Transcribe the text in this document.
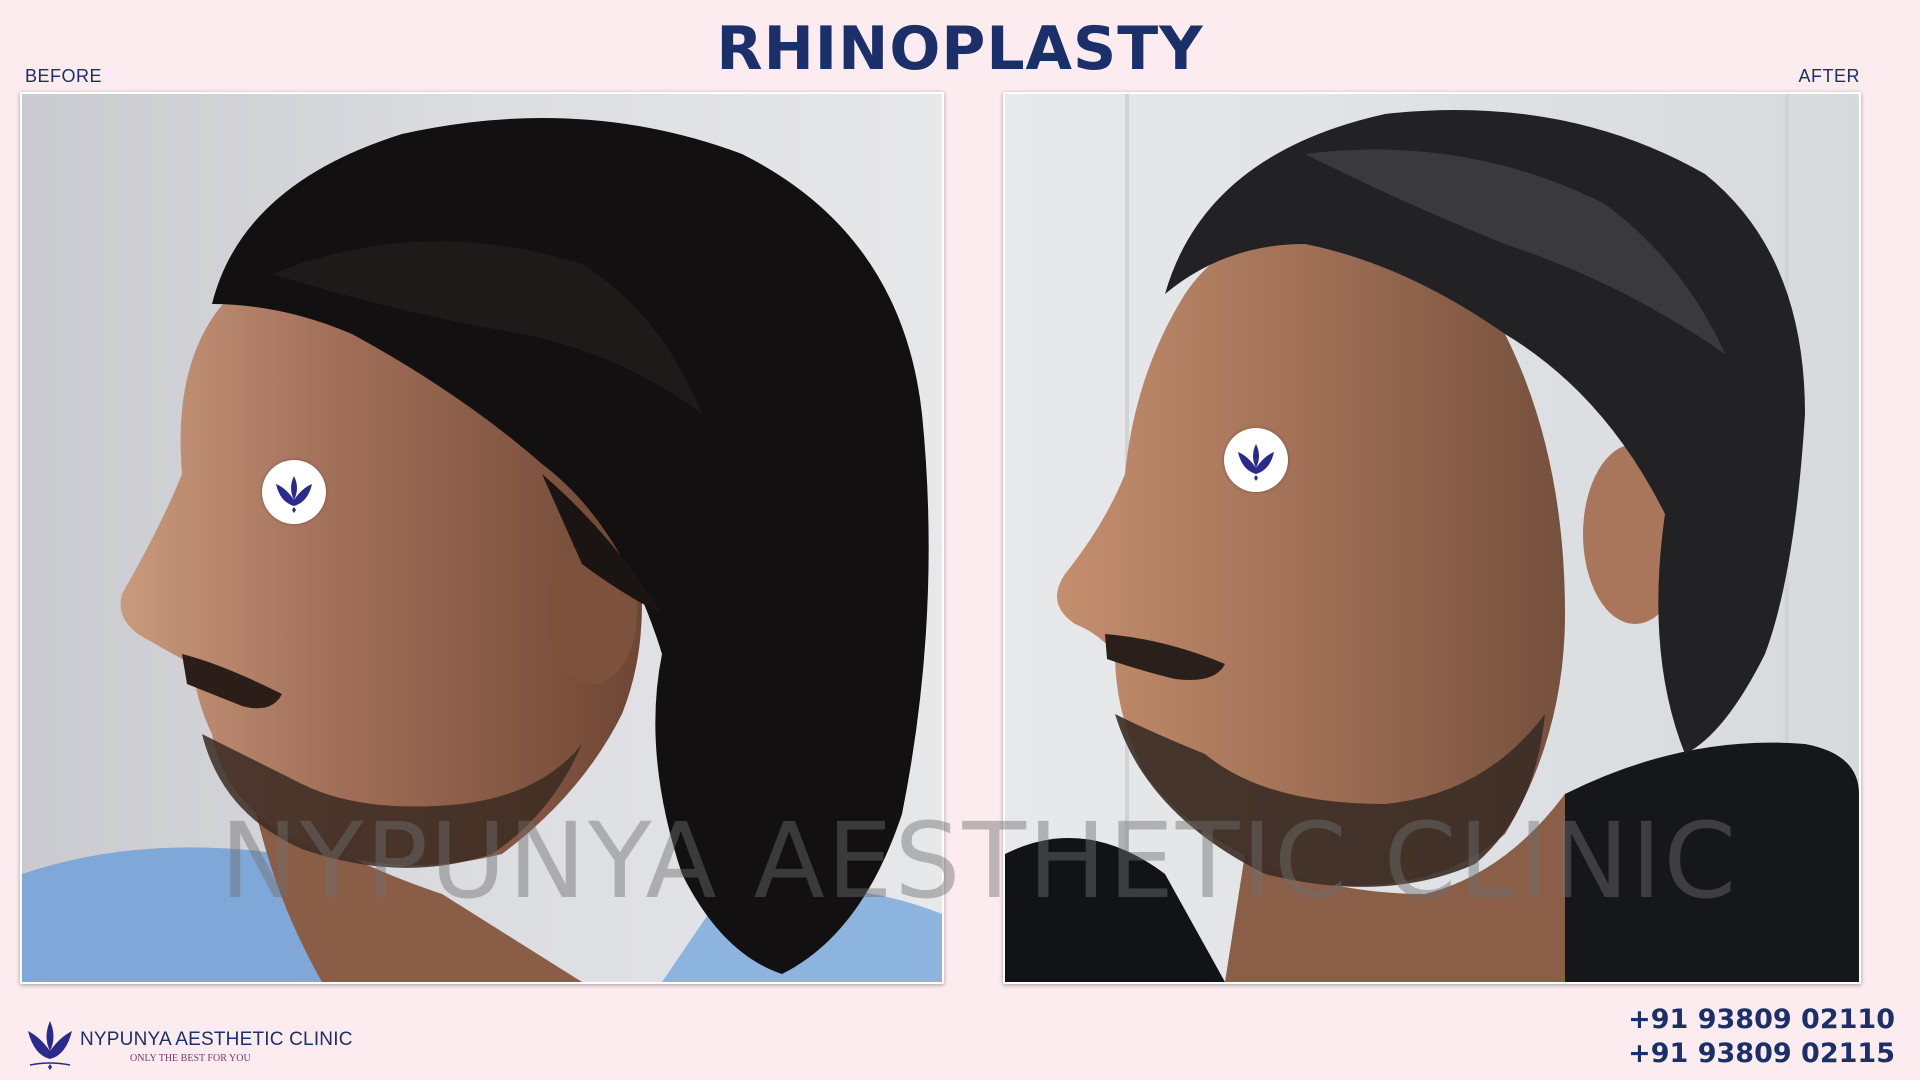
RHINOPLASTY
BEFORE	AFTER
NYPUNYA AESTHETIC CLINIC
NYPUNYA AESTHETIC CLINIC
ONLY THE BEST FOR YOU
+91 93809 02110
+91 93809 02115
